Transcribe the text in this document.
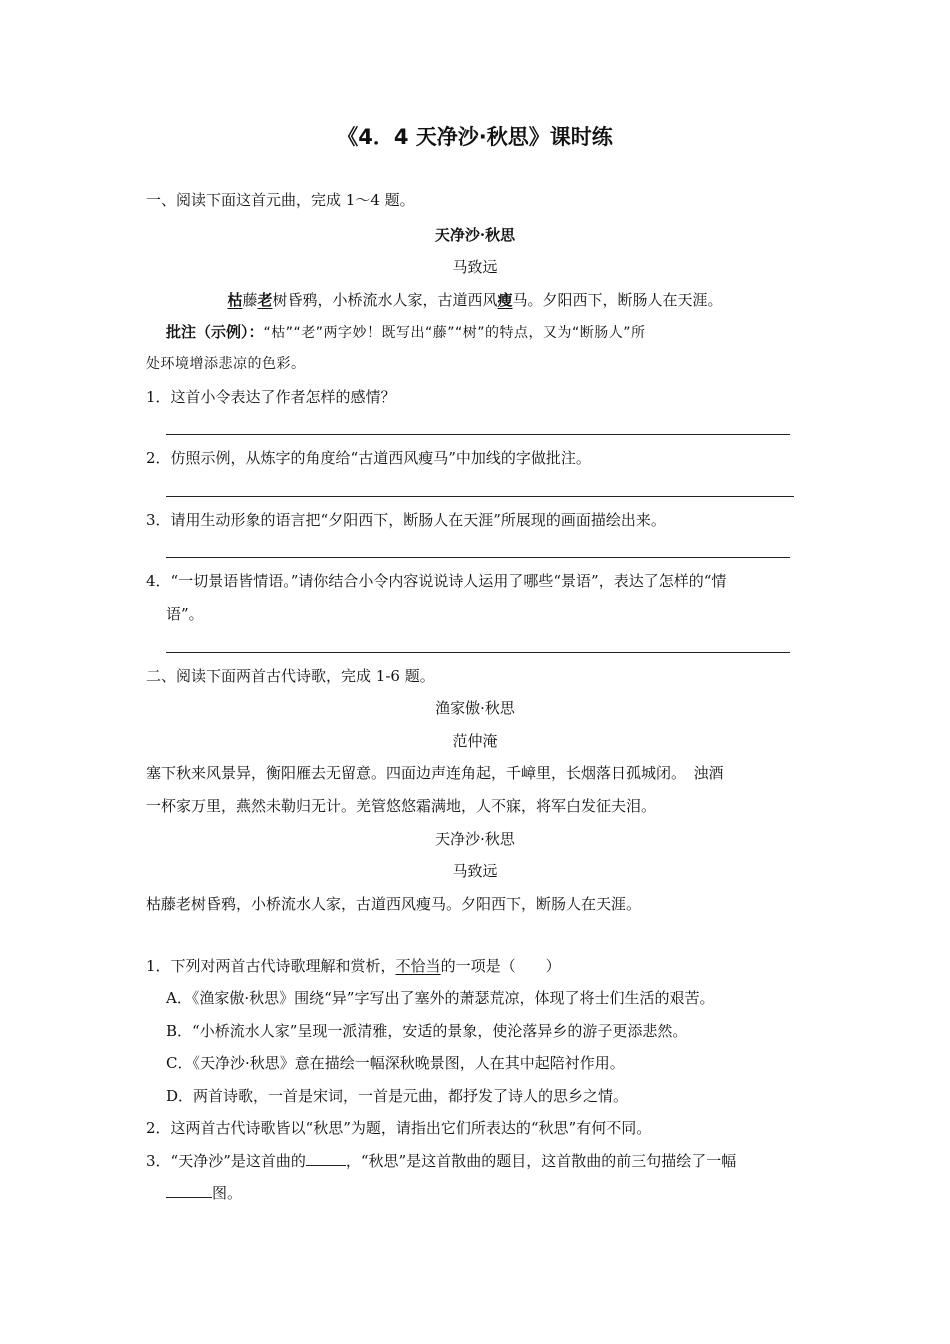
《4．4 天净沙·秋思》课时练
一、阅读下面这首元曲，完成 1～4 题。
天净沙·秋思
马致远
枯藤老树昏鸦，小桥流水人家，古道西风瘦马。夕阳西下，断肠人在天涯。
批注（示例）：“枯”“老”两字妙！既写出“藤”“树”的特点，又为“断肠人”所
处环境增添悲凉的色彩。
1．这首小令表达了作者怎样的感情？
2．仿照示例，从炼字的角度给“古道西风瘦马”中加线的字做批注。
3．请用生动形象的语言把“夕阳西下，断肠人在天涯”所展现的画面描绘出来。
4．“一切景语皆情语。”请你结合小令内容说说诗人运用了哪些“景语”，表达了怎样的“情
语”。
二、阅读下面两首古代诗歌，完成 1-6 题。
渔家傲·秋思
范仲淹
塞下秋来风景异，衡阳雁去无留意。四面边声连角起，千嶂里，长烟落日孤城闭。　浊酒
一杯家万里，燕然未勒归无计。羌管悠悠霜满地，人不寐，将军白发征夫泪。
天净沙·秋思
马致远
枯藤老树昏鸦，小桥流水人家，古道西风瘦马。夕阳西下，断肠人在天涯。
1．下列对两首古代诗歌理解和赏析，不恰当的一项是（　　）
A．《渔家傲·秋思》围绕“异”字写出了塞外的萧瑟荒凉，体现了将士们生活的艰苦。
B．“小桥流水人家”呈现一派清雅，安适的景象，使沦落异乡的游子更添悲然。
C．《天净沙·秋思》意在描绘一幅深秋晚景图，人在其中起陪衬作用。
D．两首诗歌，一首是宋词，一首是元曲，都抒发了诗人的思乡之情。
2．这两首古代诗歌皆以“秋思”为题，请指出它们所表达的“秋思”有何不同。
3．“天净沙”是这首曲的	，“秋思”是这首散曲的题目，这首散曲的前三句描绘了一幅
图。
